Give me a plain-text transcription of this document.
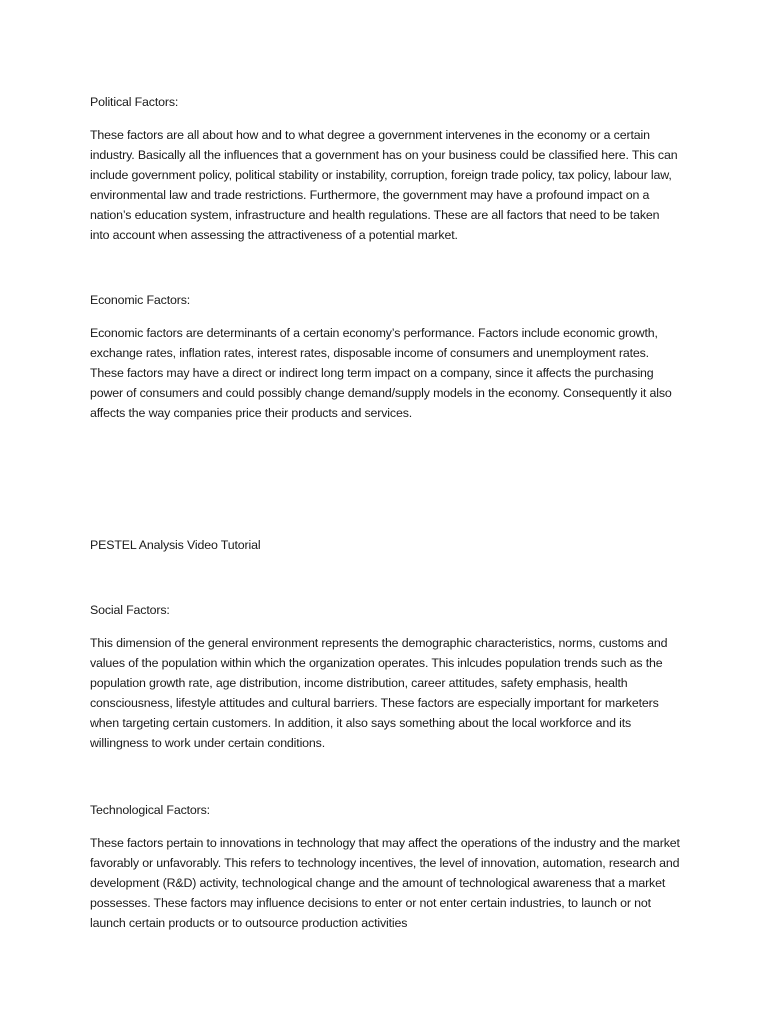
Political Factors:

These factors are all about how and to what degree a government intervenes in the economy or a certain industry. Basically all the influences that a government has on your business could be classified here. This can include government policy, political stability or instability, corruption, foreign trade policy, tax policy, labour law, environmental law and trade restrictions. Furthermore, the government may have a profound impact on a nation’s education system, infrastructure and health regulations. These are all factors that need to be taken into account when assessing the attractiveness of a potential market.

Economic Factors:

Economic factors are determinants of a certain economy’s performance. Factors include economic growth, exchange rates, inflation rates, interest rates, disposable income of consumers and unemployment rates. These factors may have a direct or indirect long term impact on a company, since it affects the purchasing power of consumers and could possibly change demand/supply models in the economy. Consequently it also affects the way companies price their products and services.

PESTEL Analysis Video Tutorial
Social Factors:

This dimension of the general environment represents the demographic characteristics, norms, customs and values of the population within which the organization operates. This inlcudes population trends such as the population growth rate, age distribution, income distribution, career attitudes, safety emphasis, health consciousness, lifestyle attitudes and cultural barriers. These factors are especially important for marketers when targeting certain customers. In addition, it also says something about the local workforce and its willingness to work under certain conditions.

Technological Factors:

These factors pertain to innovations in technology that may affect the operations of the industry and the market favorably or unfavorably. This refers to technology incentives, the level of innovation, automation, research and development (R&D) activity, technological change and the amount of technological awareness that a market possesses. These factors may influence decisions to enter or not enter certain industries, to launch or not launch certain products or to outsource production activities
